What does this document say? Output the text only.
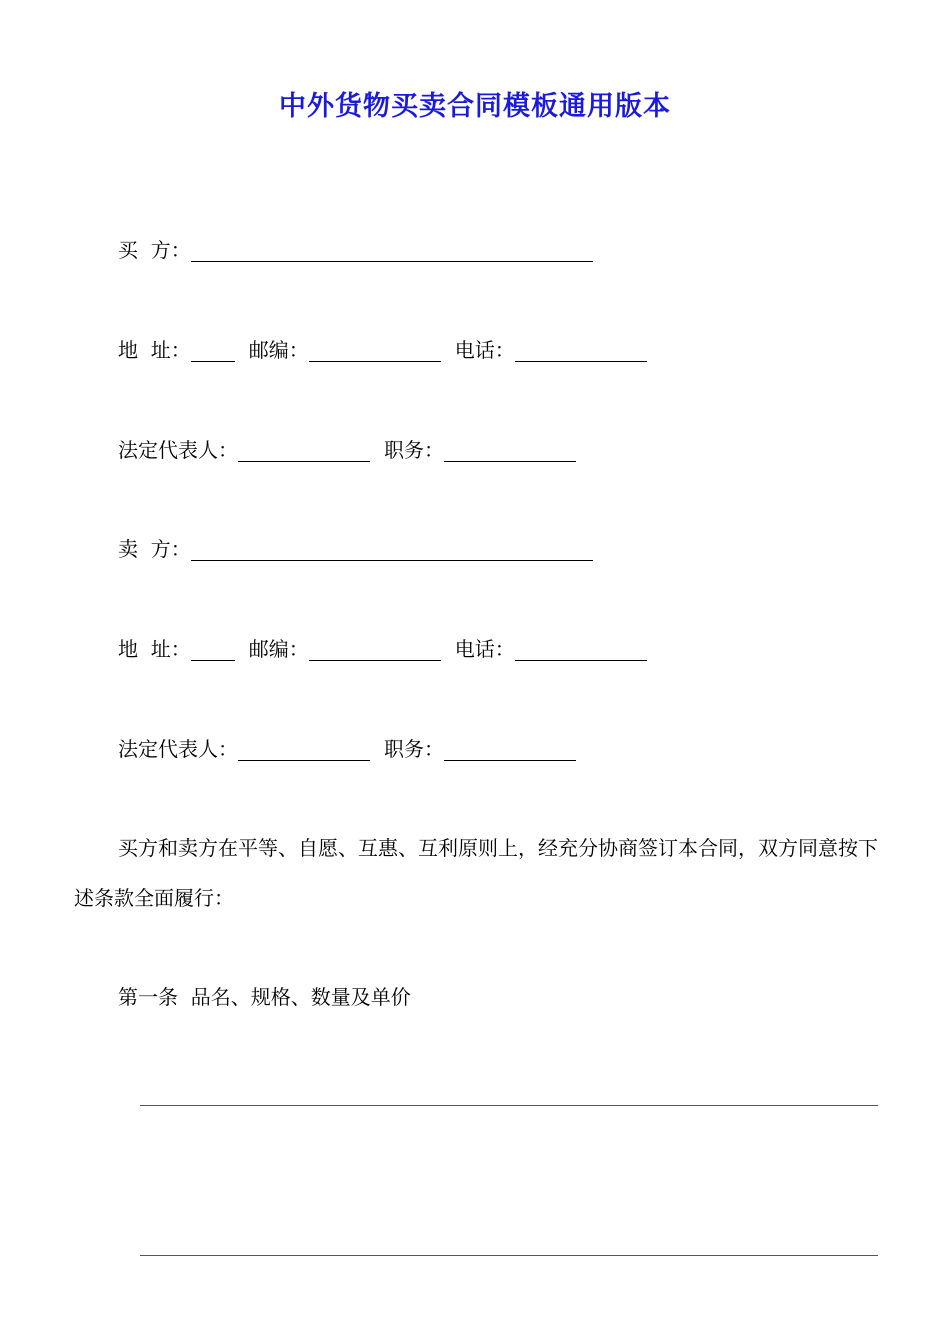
中外货物买卖合同模板通用版本
买  方：
地  址：	邮编：	电话：
法定代表人：	职务：
卖  方：
地  址：	邮编：	电话：
法定代表人：	职务：

买方和卖方在平等、自愿、互惠、互利原则上，经充分协商签订本合同，双方同意按下述条款全面履行：

第一条  品名、规格、数量及单价
